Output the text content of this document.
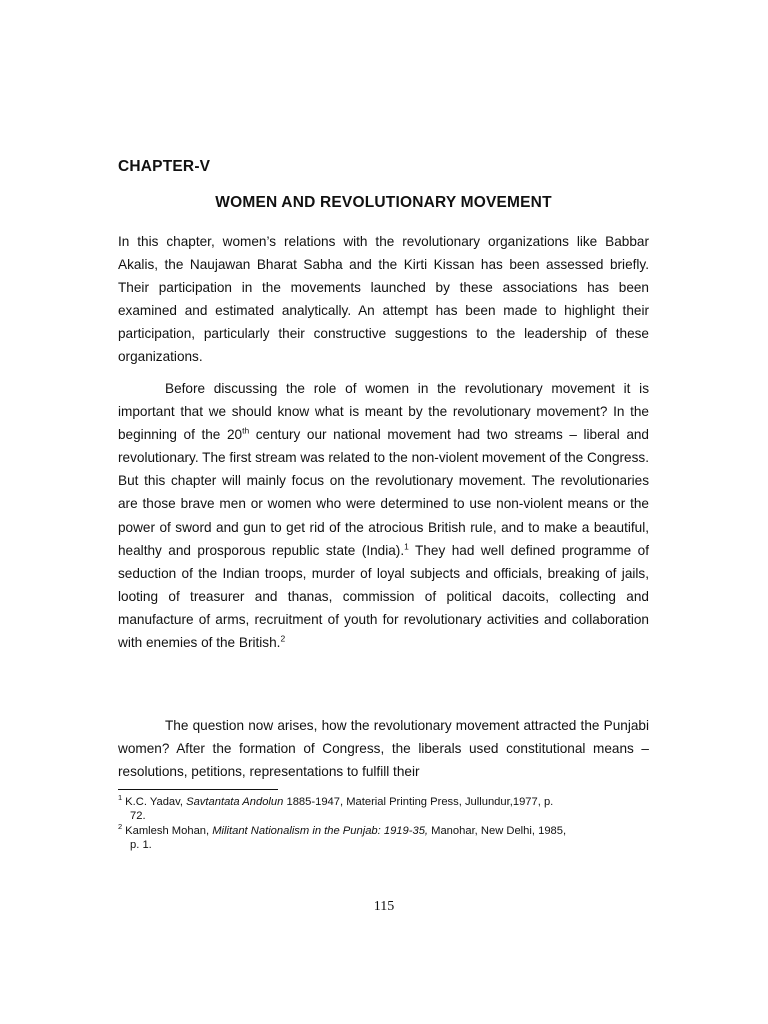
CHAPTER-V
WOMEN AND REVOLUTIONARY MOVEMENT

In this chapter, women’s relations with the revolutionary organizations like Babbar Akalis, the Naujawan Bharat Sabha and the Kirti Kissan has been assessed briefly. Their participation in the movements launched by these associations has been examined and estimated analytically. An attempt has been made to highlight their participation, particularly their constructive suggestions to the leadership of these organizations.

Before discussing the role of women in the revolutionary movement it is important that we should know what is meant by the revolutionary movement? In the beginning of the 20th century our national movement had two streams – liberal and revolutionary. The first stream was related to the non-violent movement of the Congress. But this chapter will mainly focus on the revolutionary movement. The revolutionaries are those brave men or women who were determined to use non-violent means or the power of sword and gun to get rid of the atrocious British rule, and to make a beautiful, healthy and prosporous republic state (India).$^1$ They had well defined programme of seduction of the Indian troops, murder of loyal subjects and officials, breaking of jails, looting of treasurer and thanas, commission of political dacoits, collecting and manufacture of arms, recruitment of youth for revolutionary activities and collaboration with enemies of the British.$^2$

The question now arises, how the revolutionary movement attracted the Punjabi women? After the formation of Congress, the liberals used constitutional means – resolutions, petitions, representations to fulfill their

$^1$ K.C. Yadav, Savtantata Andolun 1885-1947, Material Printing Press, Jullundur,1977, p.
72.

$^2$ Kamlesh Mohan, Militant Nationalism in the Punjab: 1919-35, Manohar, New Delhi, 1985,
p. 1.

115
